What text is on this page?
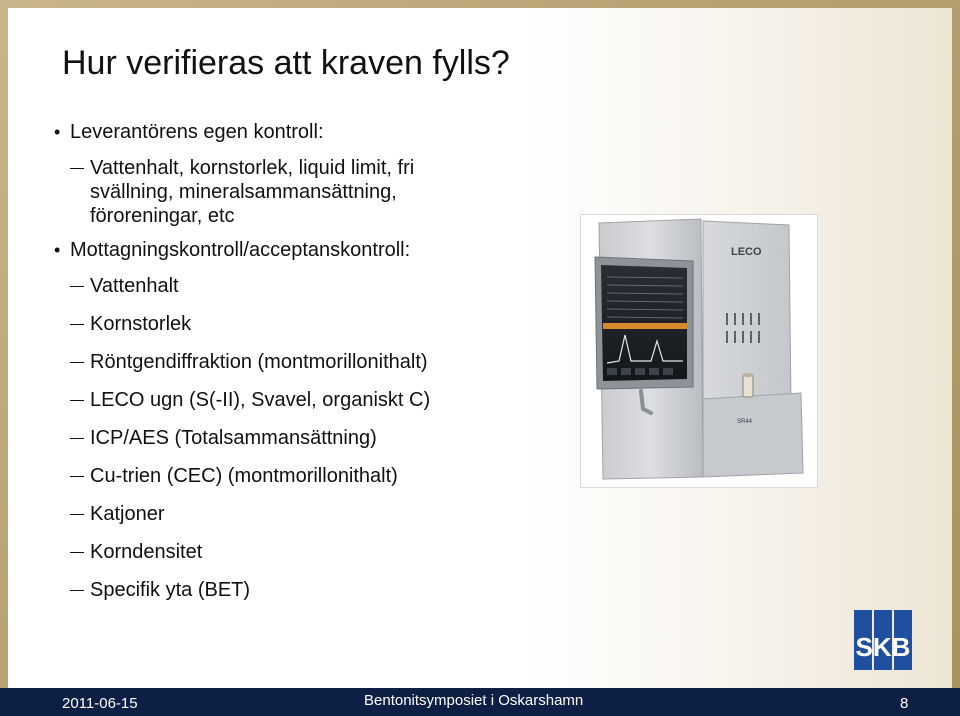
Hur verifieras att kraven fylls?
• Leverantörens egen kontroll:
Vattenhalt, kornstorlek, liquid limit, fri svällning, mineralsammansättning, föroreningar, etc
• Mottagningskontroll/acceptanskontroll:
Vattenhalt
Kornstorlek
Röntgendiffraktion (montmorillonithalt)
LECO ugn (S(-II), Svavel, organiskt C)
ICP/AES (Totalsammansättning)
Cu-trien (CEC) (montmorillonithalt)
Katjoner
Korndensitet
Specifik yta (BET)
LECO
SR44
SKB
2011-06-15	Bentonitsymposiet i Oskarshamn	8
